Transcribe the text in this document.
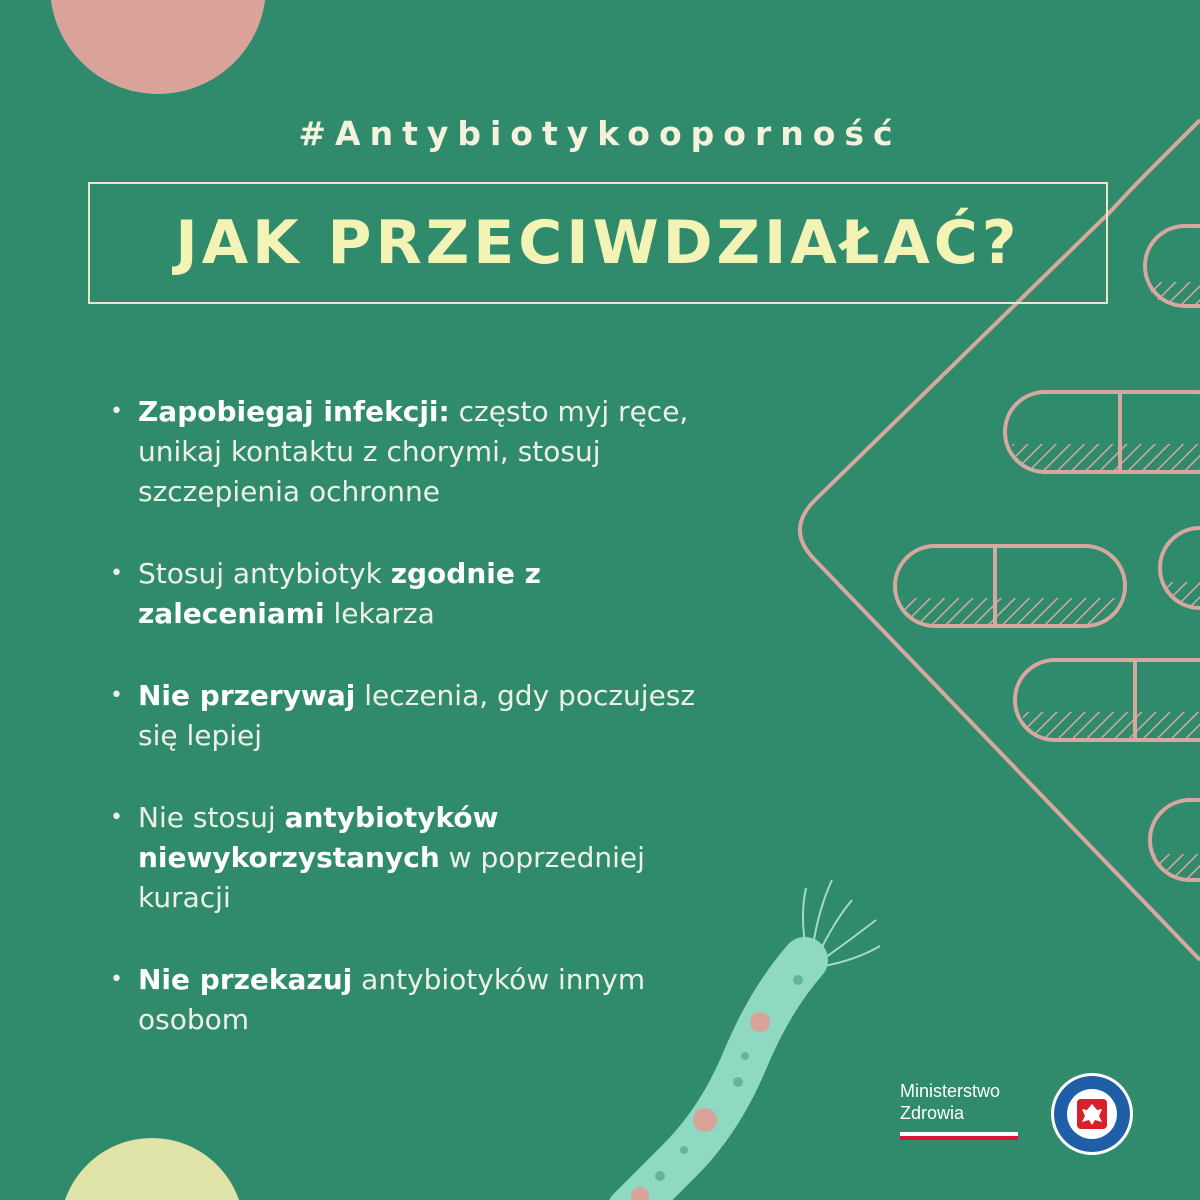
#Antybiotykooporność
JAK PRZECIWDZIAŁAĆ?
• Zapobiegaj infekcji: często myj ręce, unikaj kontaktu z chorymi, stosuj szczepienia ochronne
• Stosuj antybiotyk zgodnie z zaleceniami lekarza
• Nie przerywaj leczenia, gdy poczujesz się lepiej
• Nie stosuj antybiotyków niewykorzystanych w poprzedniej kuracji
• Nie przekazuj antybiotyków innym osobom
Ministerstwo
Zdrowia
